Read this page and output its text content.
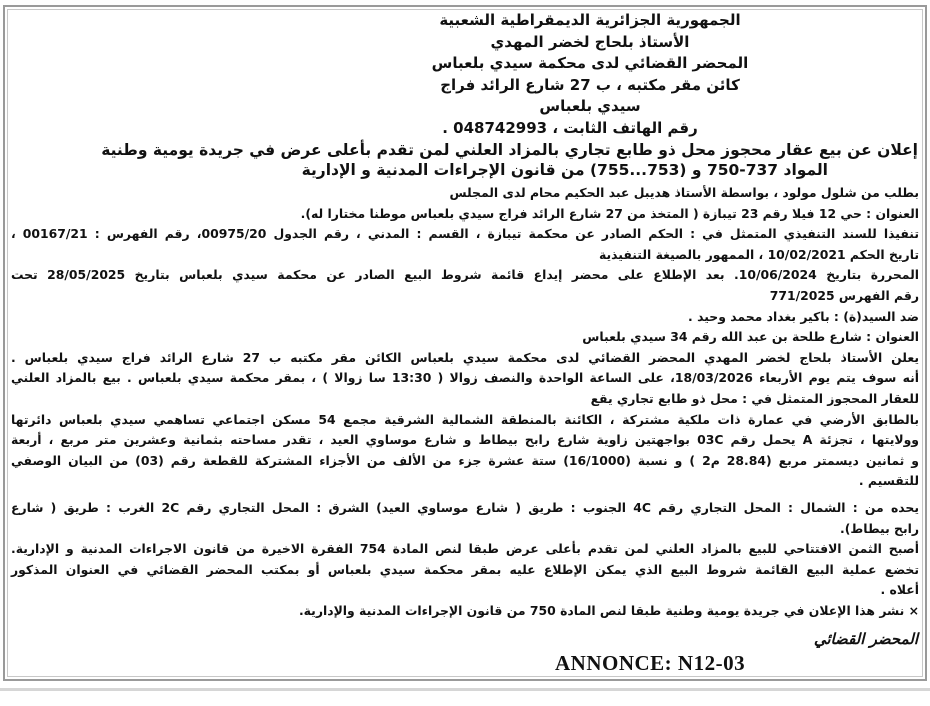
الجمهورية الجزائرية الديمقراطية الشعبية
الأستاذ بلحاج لخضر المهدي
المحضر القضائي لدى محكمة سيدي بلعباس
كائن مقر مكتبه ، ب 27 شارع الرائد فراج
سيدي بلعباس
رقم الهاتف الثابت ، 048742993 .
إعلان عن بيع عقار محجوز محل ذو طابع تجاري بالمزاد العلني لمن تقدم بأعلى عرض في جريدة يومية وطنية
المواد 737-750 و (753...755) من قانون الإجراءات المدنية و الإدارية
بطلب من شلول مولود ، بواسطة الأستاذ هديبل عبد الحكيم محام لدى المجلس
العنوان : حي 12 فيلا رقم 23 تيبازة ( المتخذ من 27 شارع الرائد فراج سيدي بلعباس موطنا مختارا له).
تنفيذا للسند التنفيذي المتمثل في : الحكم الصادر عن محكمة تيبازة ، القسم : المدني ، رقم الجدول 00975/20، رقم الفهرس : 00167/21 ،
تاريخ الحكم 10/02/2021 ، الممهور بالصيغة التنفيذية
المحررة بتاريخ 10/06/2024. بعد الإطلاع على محضر إيداع قائمة شروط البيع الصادر عن محكمة سيدي بلعباس بتاريخ 28/05/2025 تحت
رقم الفهرس 771/2025
ضد السيد(ة) : باكير بغداد محمد وحيد .
العنوان : شارع طلحة بن عبد الله رقم 34 سيدي بلعباس
يعلن الأستاذ بلحاج لخضر المهدي المحضر القضائي لدى محكمة سيدي بلعباس الكائن مقر مكتبه ب 27 شارع الرائد فراج سيدي بلعباس .
أنه سوف يتم يوم الأربعاء 18/03/2026، على الساعة الواحدة والنصف زوالا ( 13:30 سا زوالا ) ، بمقر محكمة سيدي بلعباس . بيع بالمزاد العلني
للعقار المحجوز المتمثل في : محل ذو طابع تجاري يقع
بالطابق الأرضي في عمارة ذات ملكية مشتركة ، الكائنة بالمنطقة الشمالية الشرقية مجمع 54 مسكن اجتماعي تساهمي سيدي بلعباس دائرتها
وولايتها ، تجزئة A يحمل رقم 03C بواجهتين زاوية شارع رابح بيطاط و شارع موساوي العيد ، تقدر مساحته بثمانية وعشرين متر مربع ، أربعة
و ثمانين ديسمتر مربع (28.84 م2 ) و نسبة (16/1000) ستة عشرة جزء من الألف من الأجزاء المشتركة للقطعة رقم (03) من البيان الوصفي
للتقسيم .
يحده من : الشمال : المحل التجاري رقم 4C الجنوب : طريق ( شارع موساوي العيد) الشرق : المحل التجاري رقم 2C الغرب : طريق ( شارع
رابح بيطاط).
أصبح الثمن الافتتاحي للبيع بالمزاد العلني لمن تقدم بأعلى عرض طبقا لنص المادة 754 الفقرة الاخيرة من قانون الاجراءات المدنية و الإدارية.
تخضع عملية البيع القائمة شروط البيع الذي يمكن الإطلاع عليه بمقر محكمة سيدي بلعباس أو بمكتب المحضر القضائي في العنوان المذكور
أعلاه .
× نشر هذا الإعلان في جريدة يومية وطنية طبقا لنص المادة 750 من قانون الإجراءات المدنية والإدارية.
المحضر القضائي
ANNONCE: N12-03
